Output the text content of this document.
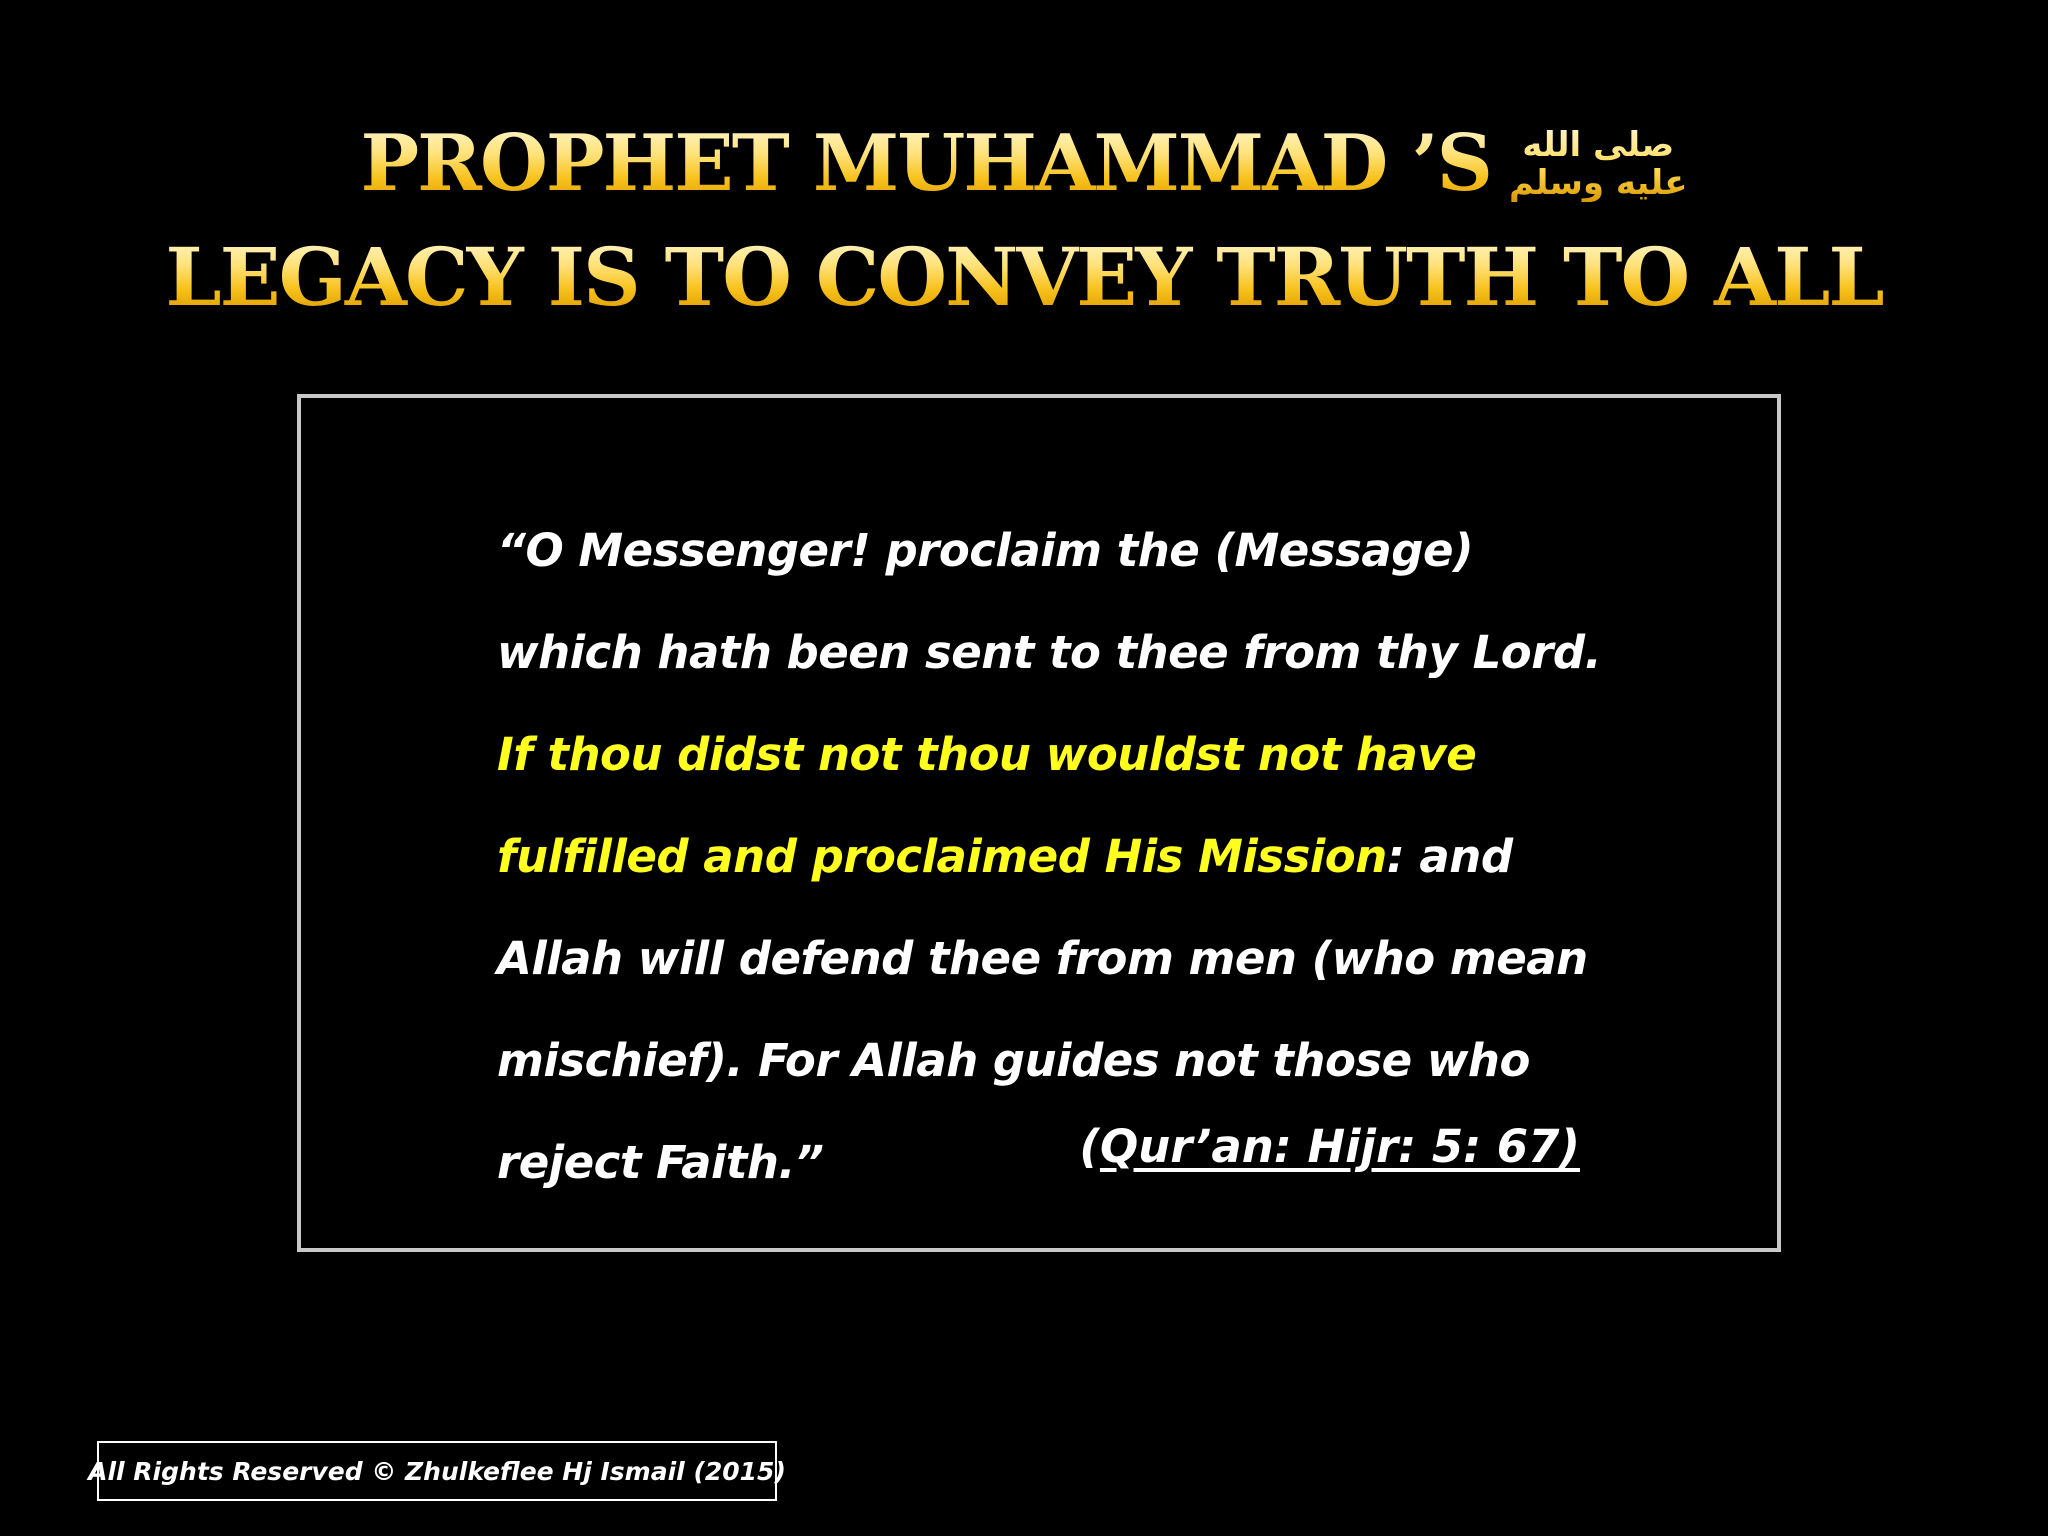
PROPHET MUHAMMAD ’S صلى الله
عليه وسلم
LEGACY IS TO CONVEY TRUTH TO ALL
“O Messenger! proclaim the (Message) which hath been sent to thee from thy Lord. If thou didst not thou wouldst not have fulfilled and proclaimed His Mission: and Allah will defend thee from men (who mean mischief). For Allah guides not those who reject Faith.”	(Qur’an: Hijr: 5: 67)
All Rights Reserved © Zhulkeflee Hj Ismail (2015)
